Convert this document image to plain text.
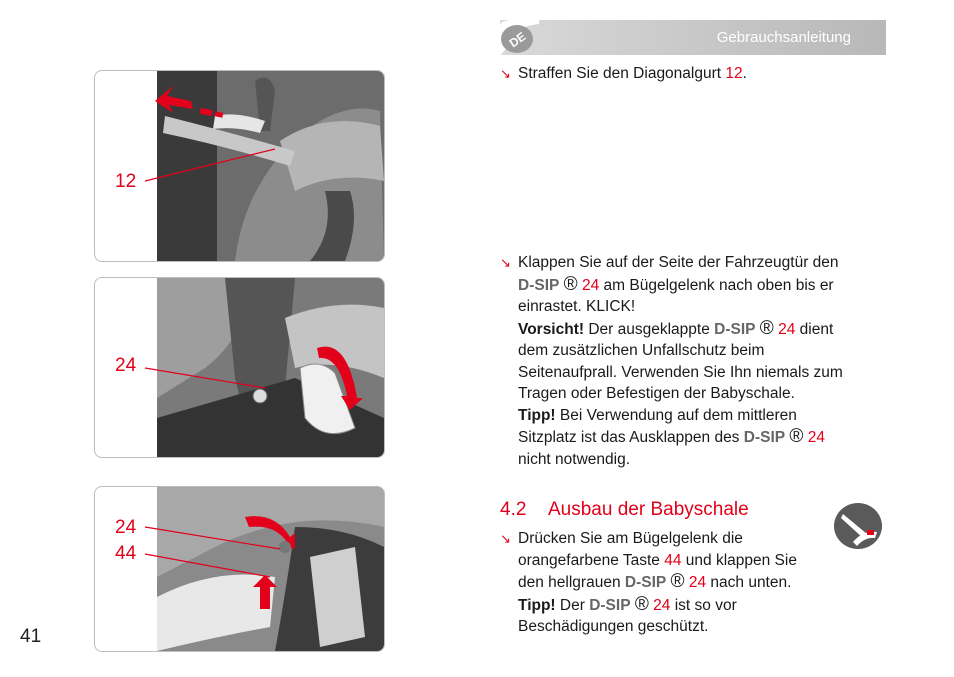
Gebrauchsanleitung
DE
12
24
24
44
↘ Straffen Sie den Diagonalgurt 12.
↘ Klappen Sie auf der Seite der Fahrzeugtür den
D-SIP ® 24 am Bügelgelenk nach oben bis er
einrastet. KLICK!
Vorsicht! Der ausgeklappte D-SIP ® 24 dient
dem zusätzlichen Unfallschutz beim
Seitenaufprall. Verwenden Sie Ihn niemals zum
Tragen oder Befestigen der Babyschale.
Tipp! Bei Verwendung auf dem mittleren
Sitzplatz ist das Ausklappen des D-SIP ® 24
nicht notwendig.
4.2 Ausbau der Babyschale
↘ Drücken Sie am Bügelgelenk die
orangefarbene Taste 44 und klappen Sie
den hellgrauen D-SIP ® 24 nach unten.
Tipp! Der D-SIP ® 24 ist so vor
Beschädigungen geschützt.
41
